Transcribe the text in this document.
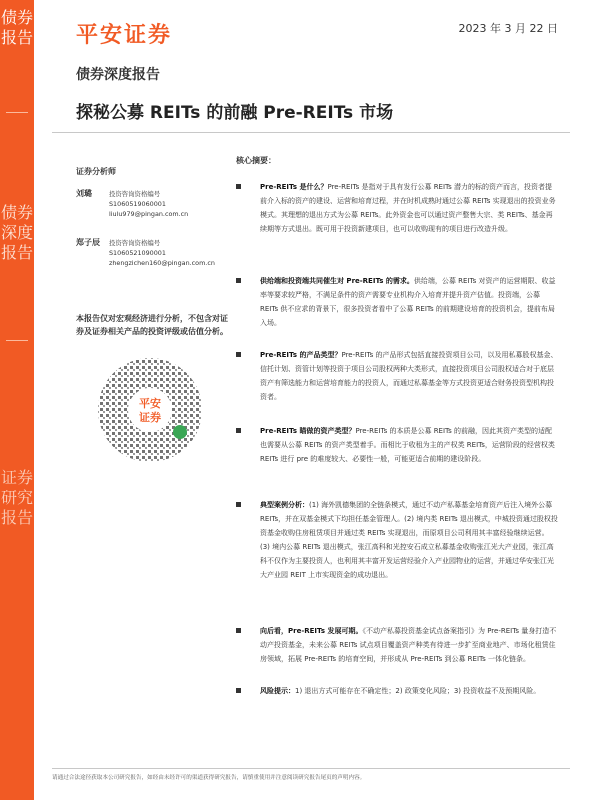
债券报告
债券深度报告
证券研究报告
平安证券	2023 年 3 月 22 日
债券深度报告
探秘公募 REITs 的前融 Pre-REITs 市场
证券分析师
刘璐	投资咨询资格编号
S1060519060001
liulu979@pingan.com.cn
郑子辰 投资咨询资格编号
S1060521090001
zhengzichen160@pingan.com.cn
本报告仅对宏观经济进行分析，不包含对证券及证券相关产品的投资评级或估值分析。
平安
证券
核心摘要：
Pre-REITs 是什么？Pre-REITs 是指对于具有发行公募 REITs 潜力的标的资产而言，投资者提前介入标的资产的建设、运营和培育过程，并在时机成熟时通过公募 REITs 实现退出的投资业务模式。其理想的退出方式为公募 REITs。此外资金也可以通过资产整售大宗、类 REITs、基金再续期等方式退出。既可用于投资新建项目，也可以收购现有的项目进行改造升级。
供给端和投资端共同催生对 Pre-REITs 的需求。供给端，公募 REITs 对资产的运营期限、收益率等要求较严格，不满足条件的资产需要专业机构介入培育并提升资产估值。投资端，公募 REITs 供不应求的背景下，很多投资者看中了公募 REITs 的前期建设培育的投资机会，提前布局入场。
Pre-REITs 的产品类型？Pre-REITs 的产品形式包括直接投资项目公司，以及用私募股权基金、信托计划、资管计划等投资于项目公司股权两种大类形式，直接投资项目公司股权适合对于底层资产有筛选能力和运营培育能力的投资人，而通过私募基金等方式投资更适合财务投资型机构投资者。
Pre-REITs 瞄做的资产类型？Pre-REITs 的本质是公募 REITs 的前融，因此其资产类型的适配也需要从公募 REITs 的资产类型着手。而相比于收租为主的产权类 REITs，运营阶段的经营权类 REITs 进行 pre 的难度较大、必要性一般，可能更适合前期的建设阶段。
典型案例分析：(1) 海外凯德集团的全链条模式，通过不动产私募基金培育资产后注入境外公募 REITs，并在双基金模式下均担任基金管理人。(2) 境内类 REITs 退出模式，中城投资通过股权投资基金收购住房租赁项目并通过类 REITs 实现退出，而原项目公司利用其丰富经验继续运营。(3) 境内公募 REITs 退出模式，张江高科和光控安石成立私募基金收购张江光大产业园，张江高科不仅作为主要投资人，也利用其丰富开发运营经验介入产业园物业的运营，并通过华安张江光大产业园 REIT 上市实现资金的成功退出。
向后看，Pre-REITs 发展可期。《不动产私募投资基金试点备案指引》为 Pre-REITs 量身打造不动产投资基金，未来公募 REITs 试点项目覆盖资产种类有待进一步扩至商业地产、市场化租赁住房领域，拓展 Pre-REITs 的培育空间，并形成从 Pre-REITs 到公募 REITs 一体化链条。
风险提示：1) 退出方式可能存在不确定性；2) 政策变化风险；3) 投资收益不及预期风险。
请通过合法途径获取本公司研究报告，如经由未经许可的渠道获得研究报告，请慎重使用并注意阅读研究报告尾页的声明内容。
